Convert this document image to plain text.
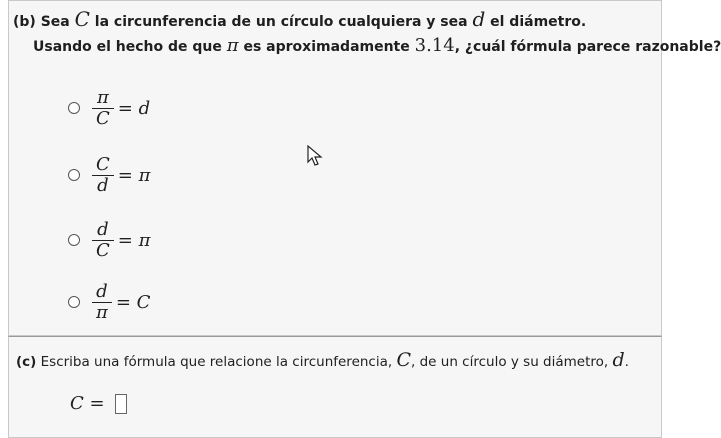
(b) Sea C la circunferencia de un círculo cualquiera y sea d el diámetro.
Usando el hecho de que π es aproximadamente 3.14, ¿cuál fórmula parece razonable?
$\frac{\pi}{C} = d$
$\frac{C}{d} = \pi$
$\frac{d}{C} = \pi$
$\frac{d}{\pi} = C$
(c) Escriba una fórmula que relacione la circunferencia, C, de un círculo y su diámetro, d.
C =
